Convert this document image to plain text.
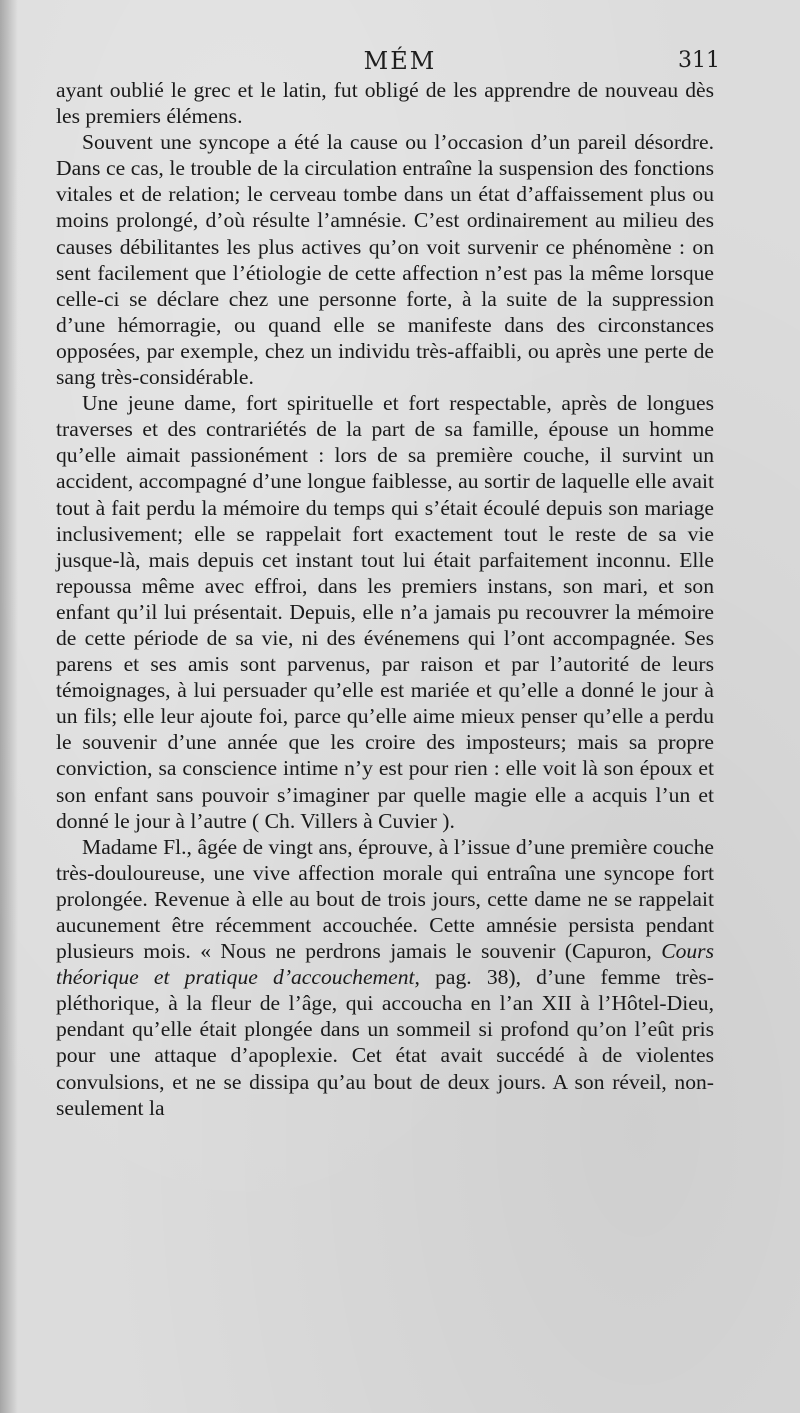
MÉM	311

ayant oublié le grec et le latin, fut obligé de les apprendre de nouveau dès les premiers élémens.

Souvent une syncope a été la cause ou l’occasion d’un pareil désordre. Dans ce cas, le trouble de la circulation entraîne la suspension des fonctions vitales et de relation; le cerveau tombe dans un état d’affaissement plus ou moins prolongé, d’où résulte l’amnésie. C’est ordinairement au milieu des causes débilitantes les plus actives qu’on voit survenir ce phénomène : on sent facilement que l’étiologie de cette affection n’est pas la même lorsque celle-ci se déclare chez une personne forte, à la suite de la suppression d’une hémorragie, ou quand elle se manifeste dans des circonstances opposées, par exemple, chez un individu très-affaibli, ou après une perte de sang très-considérable.

Une jeune dame, fort spirituelle et fort respectable, après de longues traverses et des contrariétés de la part de sa famille, épouse un homme qu’elle aimait passionément : lors de sa première couche, il survint un accident, accompagné d’une longue faiblesse, au sortir de laquelle elle avait tout à fait perdu la mémoire du temps qui s’était écoulé depuis son mariage inclusivement; elle se rappelait fort exactement tout le reste de sa vie jusque-là, mais depuis cet instant tout lui était parfaitement inconnu. Elle repoussa même avec effroi, dans les premiers instans, son mari, et son enfant qu’il lui présentait. Depuis, elle n’a jamais pu recouvrer la mémoire de cette période de sa vie, ni des événemens qui l’ont accompagnée. Ses parens et ses amis sont parvenus, par raison et par l’autorité de leurs témoignages, à lui persuader qu’elle est mariée et qu’elle a donné le jour à un fils; elle leur ajoute foi, parce qu’elle aime mieux penser qu’elle a perdu le souvenir d’une année que les croire des imposteurs; mais sa propre conviction, sa conscience intime n’y est pour rien : elle voit là son époux et son enfant sans pouvoir s’imaginer par quelle magie elle a acquis l’un et donné le jour à l’autre ( Ch. Villers à Cuvier ).

Madame Fl., âgée de vingt ans, éprouve, à l’issue d’une première couche très-douloureuse, une vive affection morale qui entraîna une syncope fort prolongée. Revenue à elle au bout de trois jours, cette dame ne se rappelait aucunement être récemment accouchée. Cette amnésie persista pendant plusieurs mois. « Nous ne perdrons jamais le souvenir (Capuron, Cours théorique et pratique d’accouchement, pag. 38), d’une femme très-pléthorique, à la fleur de l’âge, qui accoucha en l’an XII à l’Hôtel-Dieu, pendant qu’elle était plongée dans un sommeil si profond qu’on l’eût pris pour une attaque d’apoplexie. Cet état avait succédé à de violentes convulsions, et ne se dissipa qu’au bout de deux jours. A son réveil, non-seulement la
